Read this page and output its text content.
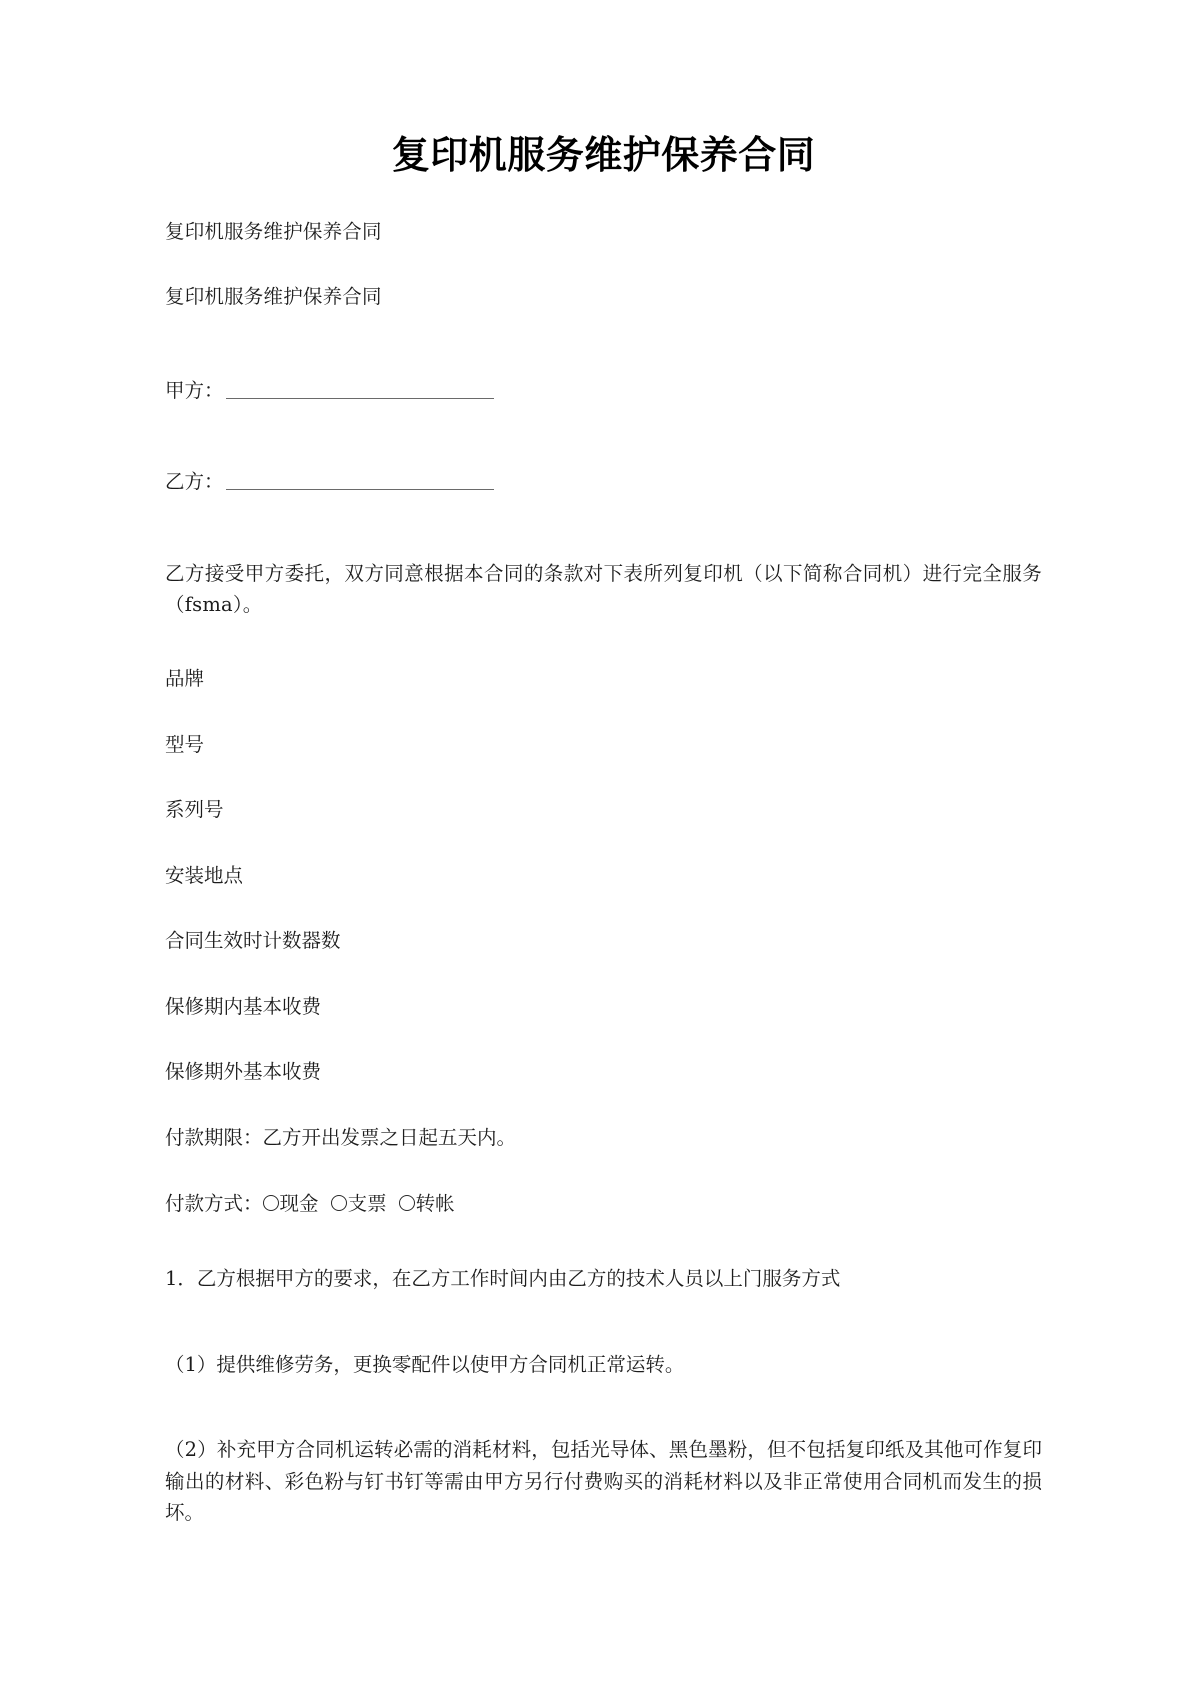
复印机服务维护保养合同

复印机服务维护保养合同

复印机服务维护保养合同

甲方：
乙方：

乙方接受甲方委托，双方同意根据本合同的条款对下表所列复印机（以下简称合同机）进行完全服务（fsma）。

品牌
型号
系列号
安装地点
合同生效时计数器数
保修期内基本收费
保修期外基本收费
付款期限：乙方开出发票之日起五天内。
付款方式： 现金 支票 转帐

1．乙方根据甲方的要求，在乙方工作时间内由乙方的技术人员以上门服务方式

（1）提供维修劳务，更换零配件以使甲方合同机正常运转。

（2）补充甲方合同机运转必需的消耗材料，包括光导体、黑色墨粉，但不包括复印纸及其他可作复印输出的材料、彩色粉与钉书钉等需由甲方另行付费购买的消耗材料以及非正常使用合同机而发生的损坏。
